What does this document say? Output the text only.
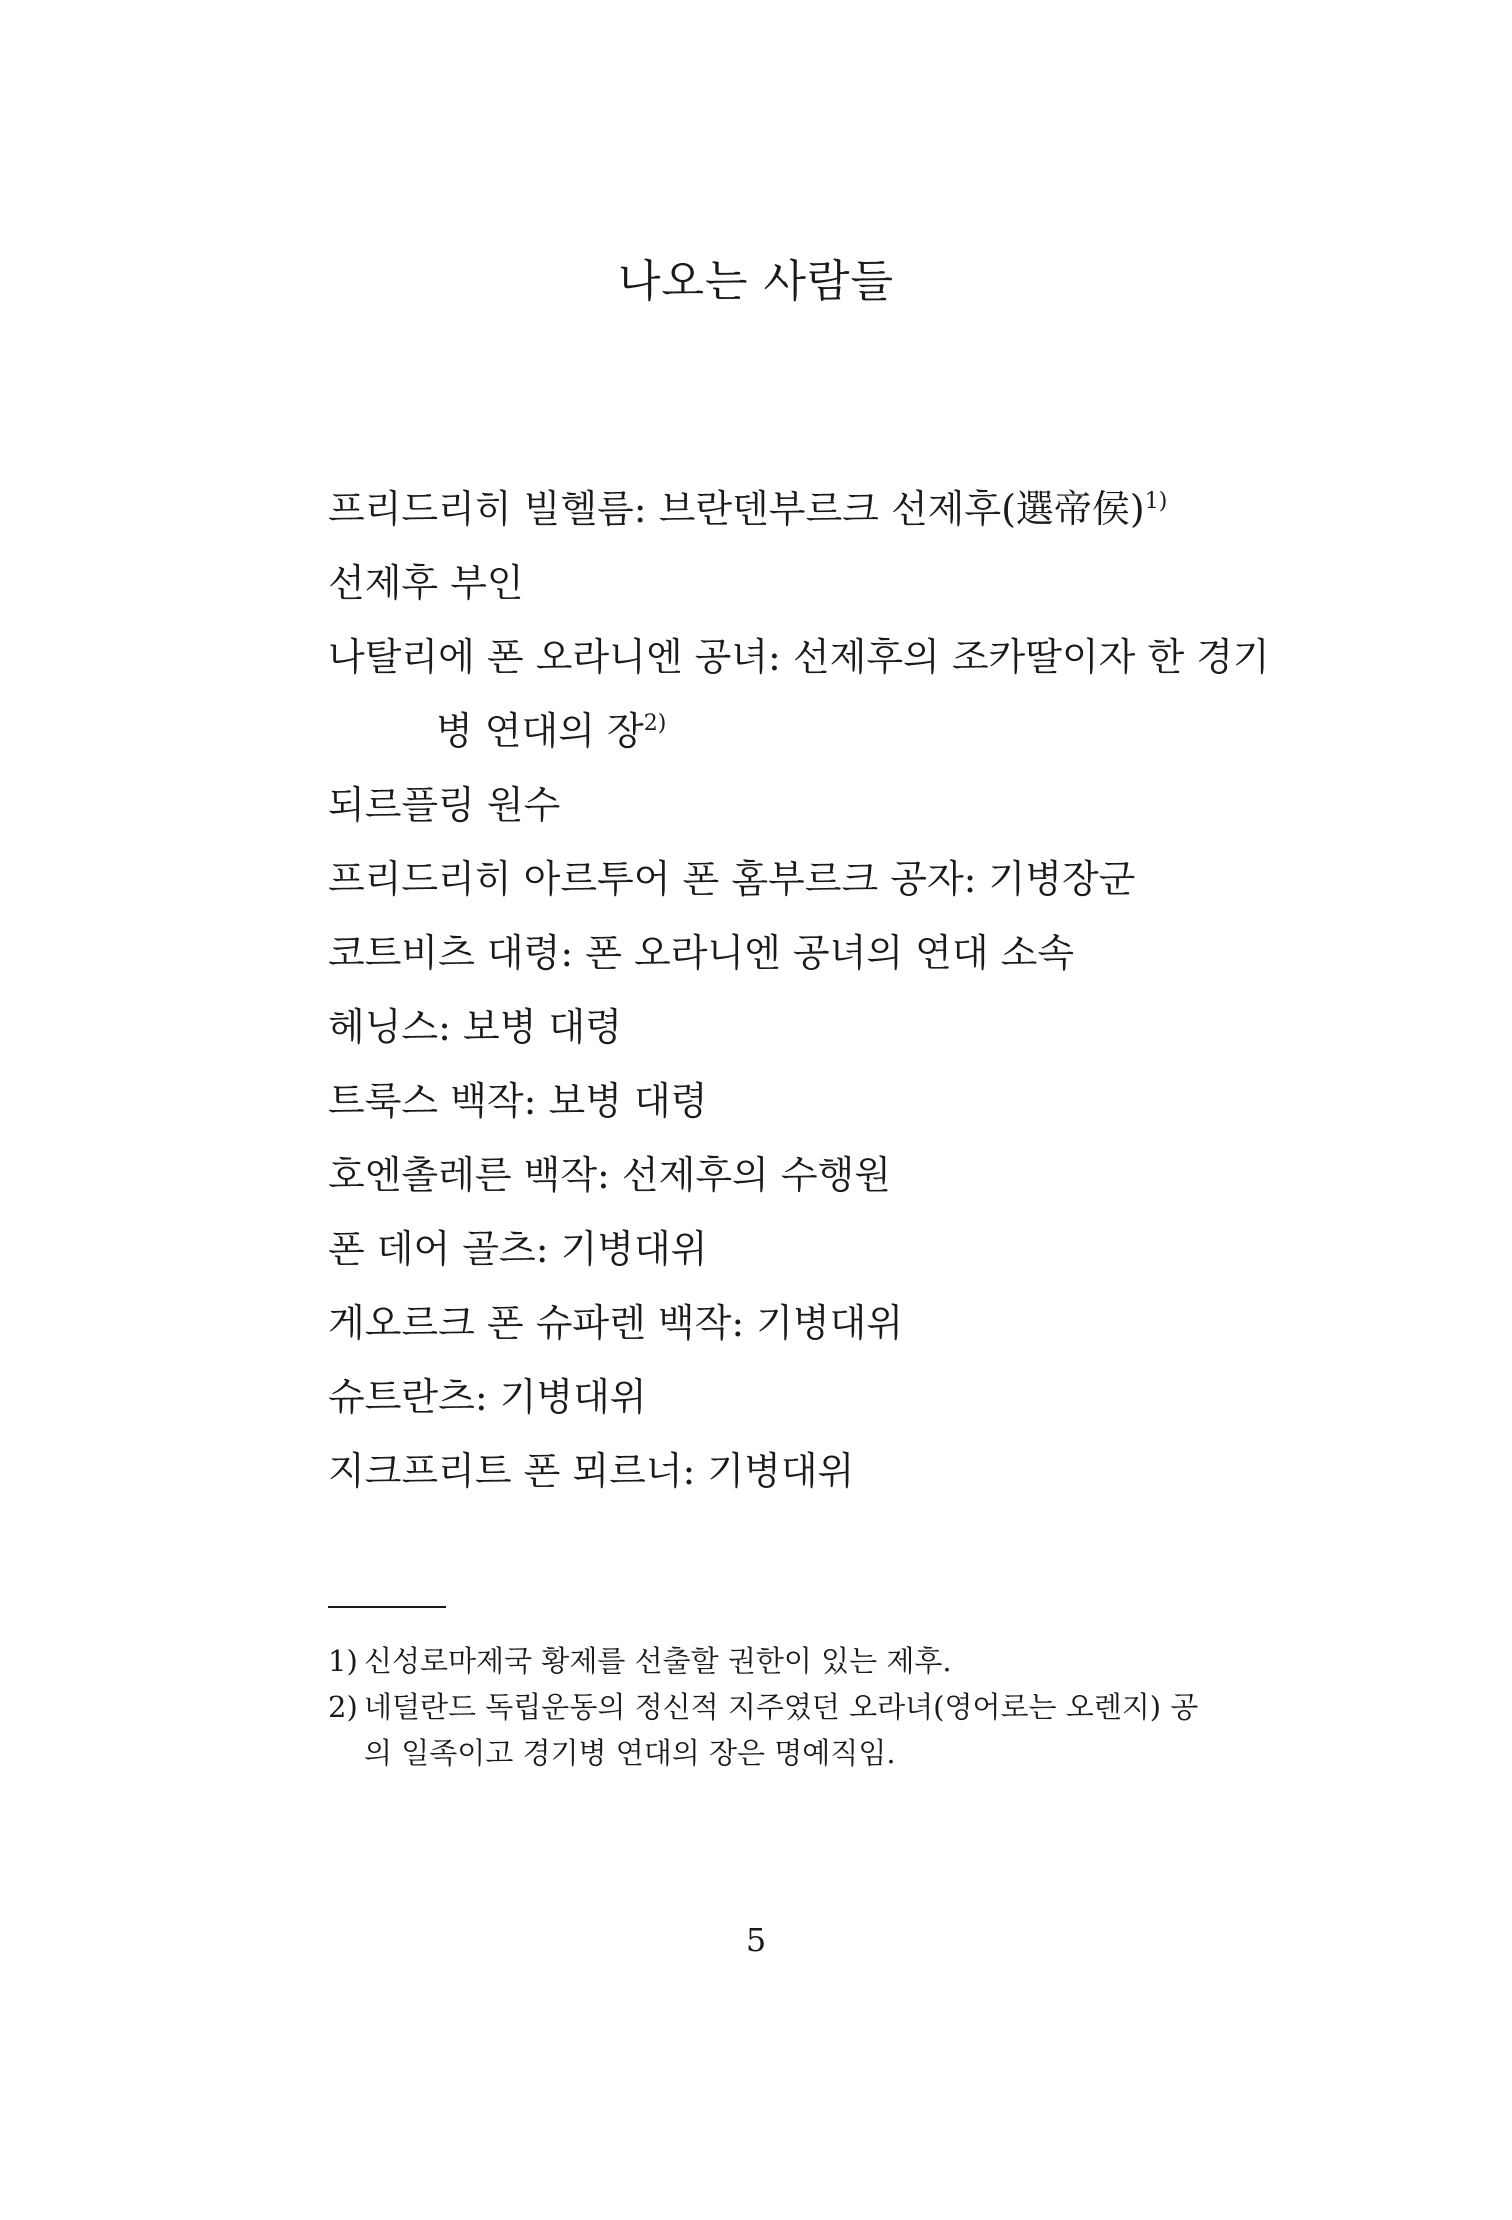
나오는 사람들
프리드리히 빌헬름: 브란덴부르크 선제후(選帝侯)$^{1)}$
선제후 부인
나탈리에 폰 오라니엔 공녀: 선제후의 조카딸이자 한 경기
병 연대의 장$^{2)}$
되르플링 원수
프리드리히 아르투어 폰 홈부르크 공자: 기병장군
코트비츠 대령: 폰 오라니엔 공녀의 연대 소속
헤닝스: 보병 대령
트룩스 백작: 보병 대령
호엔촐레른 백작: 선제후의 수행원
폰 데어 골츠: 기병대위
게오르크 폰 슈파렌 백작: 기병대위
슈트란츠: 기병대위
지크프리트 폰 뫼르너: 기병대위
1) 신성로마제국 황제를 선출할 권한이 있는 제후.
2) 네덜란드 독립운동의 정신적 지주였던 오라녀(영어로는 오렌지) 공
의 일족이고 경기병 연대의 장은 명예직임.
5
